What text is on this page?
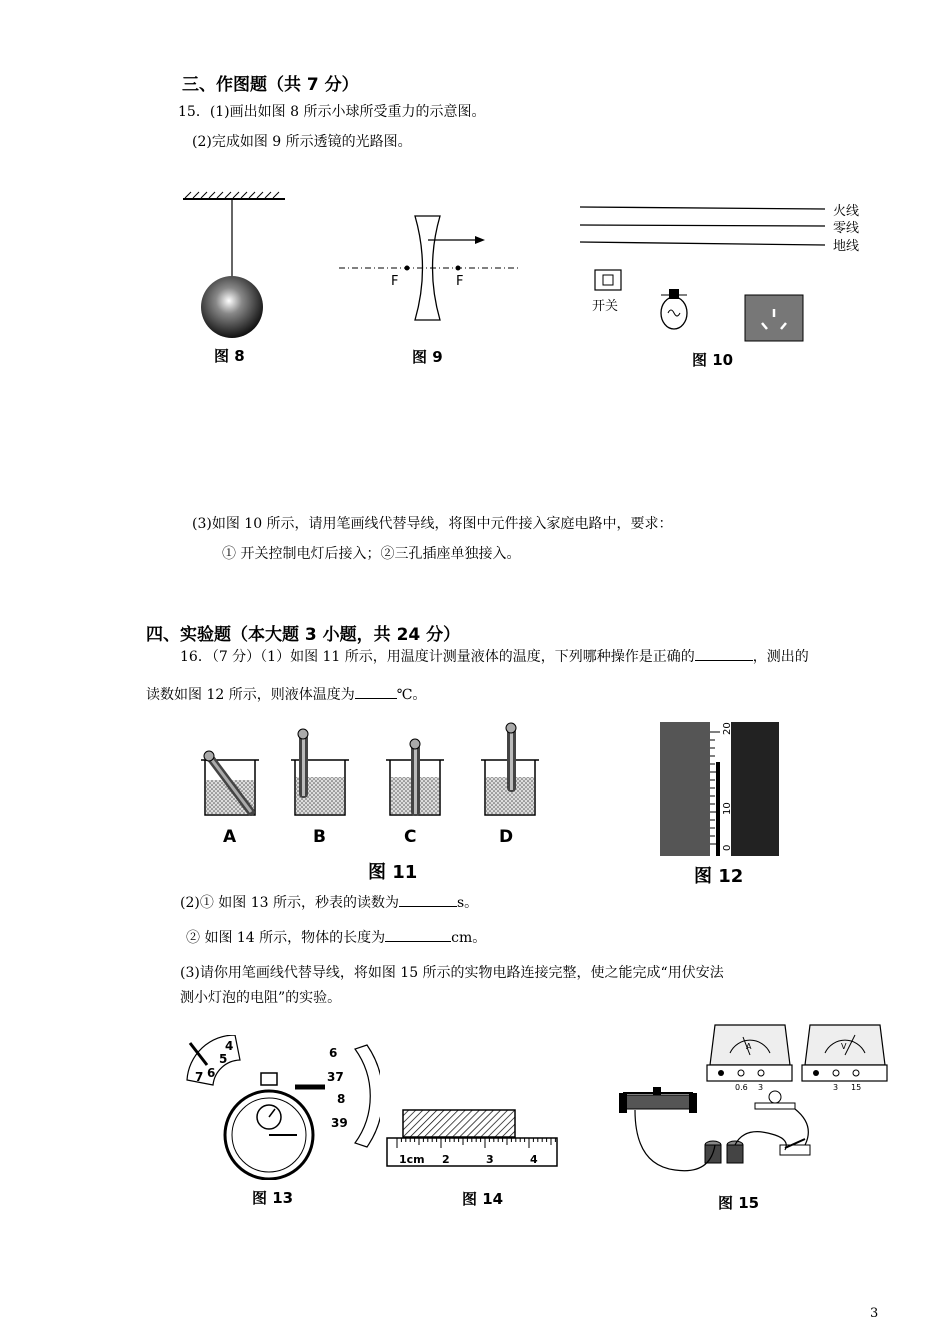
三、作图题（共 7 分）
15．(1)画出如图 8 所示小球所受重力的示意图。
(2)完成如图 9 所示透镜的光路图。
图 8
F	F
图 9
火线
零线
地线
开关
图 10
(3)如图 10 所示，请用笔画线代替导线，将图中元件接入家庭电路中，要求：
① 开关控制电灯后接入；②三孔插座单独接入。
四、实验题（本大题 3 小题，共 24 分）
16．（7 分）（1）如图 11 所示，用温度计测量液体的温度，下列哪种操作是正确的	，测出的
读数如图 12 所示，则液体温度为	℃。
A	B	C	D
图 11
20
10
0
图 12
(2)① 如图 13 所示，秒表的读数为	s。
② 如图 14 所示，物体的长度为	cm。
(3)请你用笔画线代替导线，将如图 15 所示的实物电路连接完整，使之能完成“用伏安法
测小灯泡的电阻”的实验。
4
5
6
7
6
37
8
39
图 13
1cm 2	3	4
图 14
A
0.6 3
V
3 15
图 15
3
